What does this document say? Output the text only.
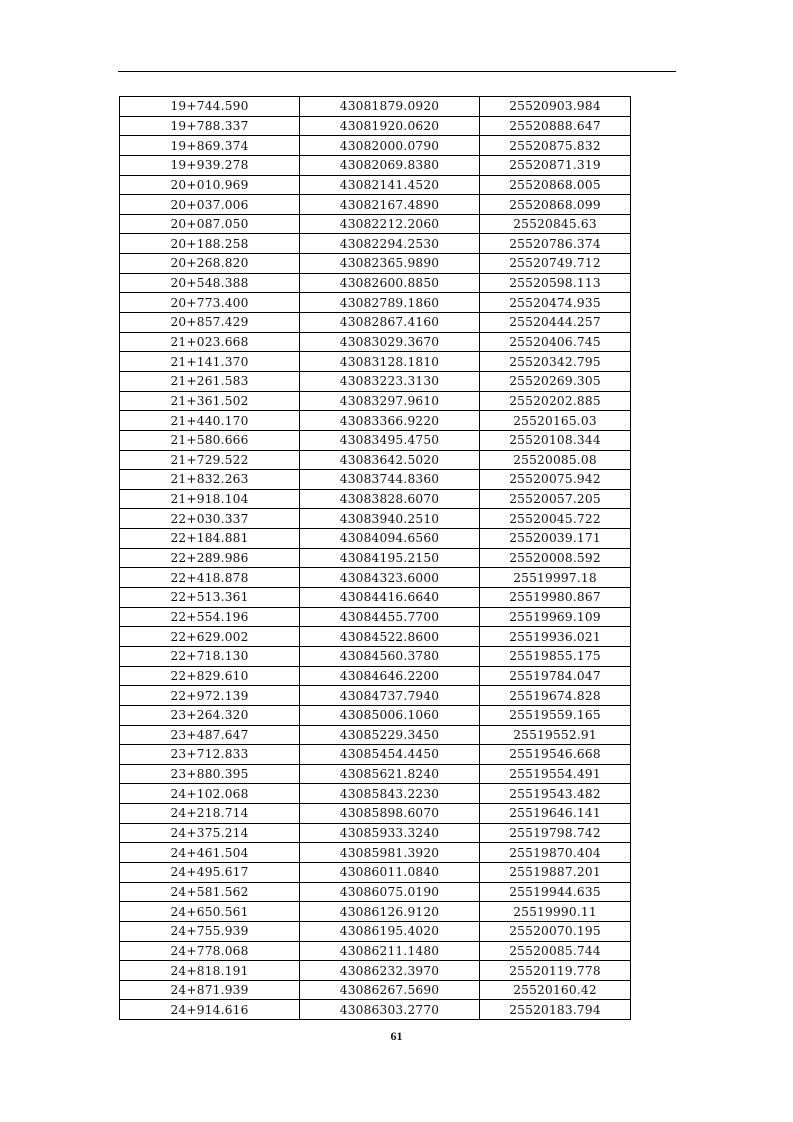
19+744.590	43081879.0920	25520903.984
19+788.337	43081920.0620	25520888.647
19+869.374	43082000.0790	25520875.832
19+939.278	43082069.8380	25520871.319
20+010.969	43082141.4520	25520868.005
20+037.006	43082167.4890	25520868.099
20+087.050	43082212.2060	25520845.63
20+188.258	43082294.2530	25520786.374
20+268.820	43082365.9890	25520749.712
20+548.388	43082600.8850	25520598.113
20+773.400	43082789.1860	25520474.935
20+857.429	43082867.4160	25520444.257
21+023.668	43083029.3670	25520406.745
21+141.370	43083128.1810	25520342.795
21+261.583	43083223.3130	25520269.305
21+361.502	43083297.9610	25520202.885
21+440.170	43083366.9220	25520165.03
21+580.666	43083495.4750	25520108.344
21+729.522	43083642.5020	25520085.08
21+832.263	43083744.8360	25520075.942
21+918.104	43083828.6070	25520057.205
22+030.337	43083940.2510	25520045.722
22+184.881	43084094.6560	25520039.171
22+289.986	43084195.2150	25520008.592
22+418.878	43084323.6000	25519997.18
22+513.361	43084416.6640	25519980.867
22+554.196	43084455.7700	25519969.109
22+629.002	43084522.8600	25519936.021
22+718.130	43084560.3780	25519855.175
22+829.610	43084646.2200	25519784.047
22+972.139	43084737.7940	25519674.828
23+264.320	43085006.1060	25519559.165
23+487.647	43085229.3450	25519552.91
23+712.833	43085454.4450	25519546.668
23+880.395	43085621.8240	25519554.491
24+102.068	43085843.2230	25519543.482
24+218.714	43085898.6070	25519646.141
24+375.214	43085933.3240	25519798.742
24+461.504	43085981.3920	25519870.404
24+495.617	43086011.0840	25519887.201
24+581.562	43086075.0190	25519944.635
24+650.561	43086126.9120	25519990.11
24+755.939	43086195.4020	25520070.195
24+778.068	43086211.1480	25520085.744
24+818.191	43086232.3970	25520119.778
24+871.939	43086267.5690	25520160.42
24+914.616	43086303.2770	25520183.794
61
